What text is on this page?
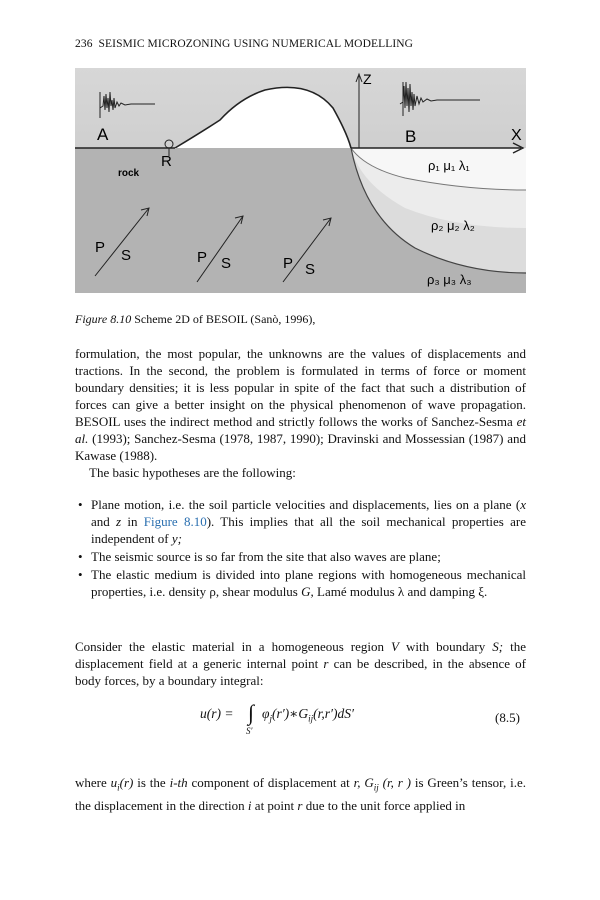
236 SEISMIC MICROZONING USING NUMERICAL MODELLING
Z
X
A	B
R
rock
ρ₁ μ₁ λ₁
ρ₂ μ₂ λ₂
ρ₃ μ₃ λ₃
P S	P S	P S
Figure 8.10 Scheme 2D of BESOIL (Sanò, 1996),
formulation, the most popular, the unknowns are the values of displacements and tractions. In the second, the problem is formulated in terms of force or moment boundary densities; it is less popular in spite of the fact that such a distribution of forces can give a better insight on the physical phenomenon of wave propagation. BESOIL uses the indirect method and strictly follows the works of Sanchez-Sesma et al. (1993); Sanchez-Sesma (1978, 1987, 1990); Dravinski and Mossessian (1987) and Kawase (1988).
The basic hypotheses are the following:
• Plane motion, i.e. the soil particle velocities and displacements, lies on a plane (x and z in Figure 8.10). This implies that all the soil mechanical properties are independent of y;
• The seismic source is so far from the site that also waves are plane;
• The elastic medium is divided into plane regions with homogeneous mechanical properties, i.e. density ρ, shear modulus G, Lamé modulus λ and damping ξ.
Consider the elastic material in a homogeneous region V with boundary S; the displacement field at a generic internal point r can be described, in the absence of body forces, by a boundary integral:
u(r) = ∫
S′
$\varphi_j(r')∗G_{ij}(r,r')dS'$	(8.5)
where $u_i(r)$ is the i-th component of displacement at r, $G_{ij}$ (r, r ) is Green’s tensor, i.e. the displacement in the direction i at point r due to the unit force applied in
